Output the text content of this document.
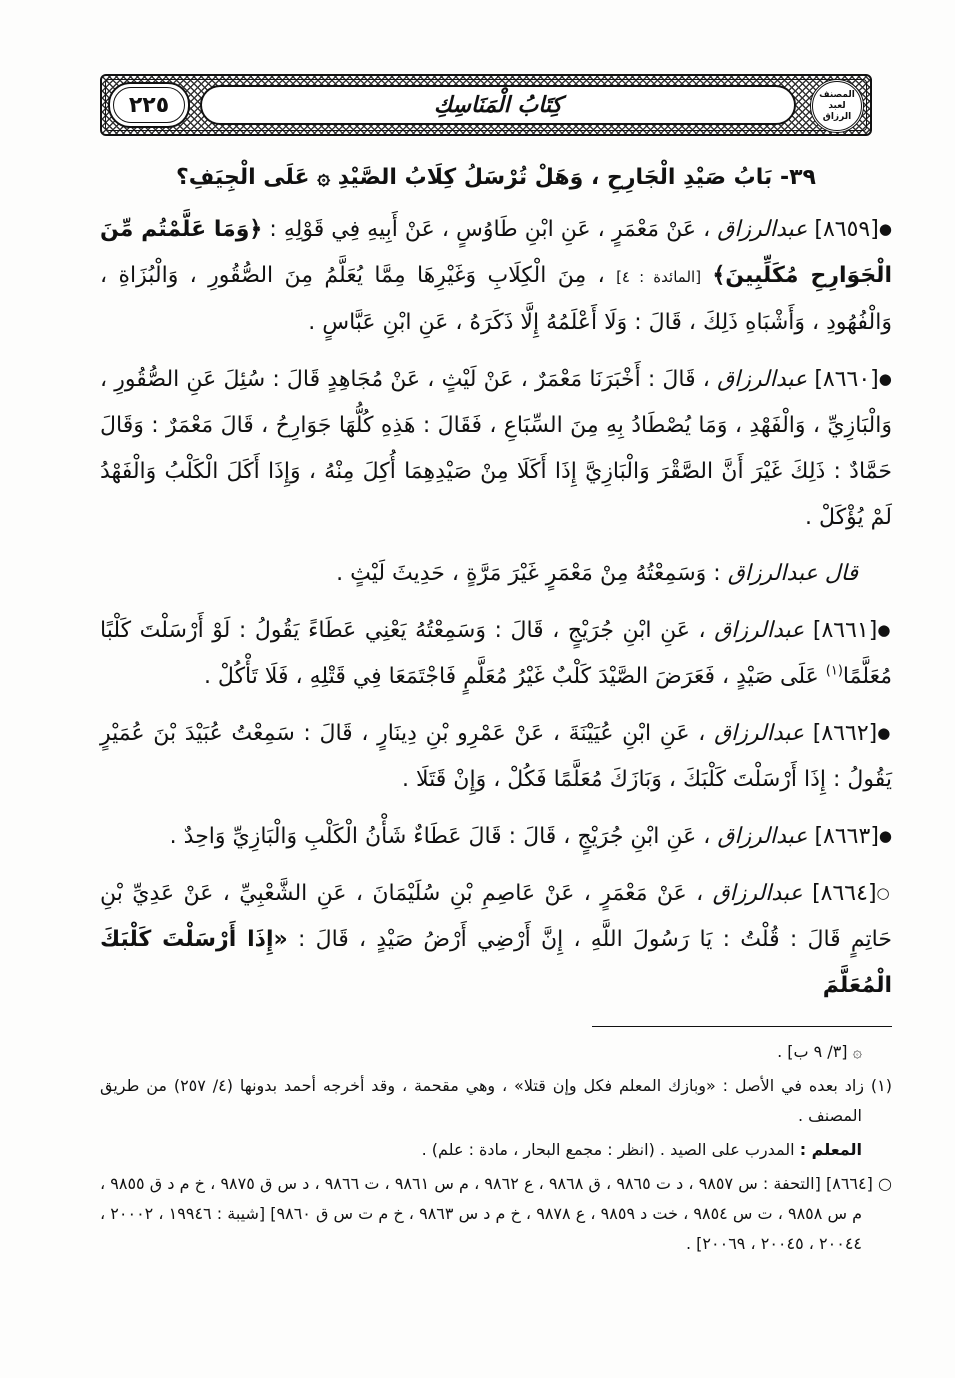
كِتَابُ الْمَنَاسِكِ
٢٢٥	المصنف لعبد الرزاق
٣٩- بَابُ صَيْدِ الْجَارِحِ ، وَهَلْ تُرْسَلُ كِلَابُ الصَّيْدِ ۞ عَلَى الْجِيَفِ؟

●[٨٦٥٩] عبدالرزاق ، عَنْ مَعْمَرٍ ، عَنِ ابْنِ طَاوُسٍ ، عَنْ أَبِيهِ فِي قَوْلِهِ : ﴿وَمَا عَلَّمْتُم مِّنَ الْجَوَارِحِ مُكَلِّبِينَ﴾ [المائدة : ٤] ، مِنَ الْكِلَابِ وَغَيْرِهَا مِمَّا يُعَلَّمُ مِنَ الصُّقُورِ ، وَالْبُزَاةِ ، وَالْفُهُودِ ، وَأَشْبَاهِ ذَلِكَ ، قَالَ : وَلَا أَعْلَمُهُ إِلَّا ذَكَرَهُ ، عَنِ ابْنِ عَبَّاسٍ .

●[٨٦٦٠] عبدالرزاق ، قَالَ : أَخْبَرَنَا مَعْمَرٌ ، عَنْ لَيْثٍ ، عَنْ مُجَاهِدٍ قَالَ : سُئِلَ عَنِ الصُّقُورِ ، وَالْبَازِيِّ ، وَالْفَهْدِ ، وَمَا يُصْطَادُ بِهِ مِنَ السِّبَاعِ ، فَقَالَ : هَذِهِ كُلُّهَا جَوَارِحُ ، قَالَ مَعْمَرٌ : وَقَالَ حَمَّادٌ : ذَلِكَ غَيْرَ أَنَّ الصَّقْرَ وَالْبَازِيَّ إِذَا أَكَلَا مِنْ صَيْدِهِمَا أُكِلَ مِنْهُ ، وَإِذَا أَكَلَ الْكَلْبُ وَالْفَهْدُ لَمْ يُؤْكَلْ .

قال عبدالرزاق : وَسَمِعْتُهُ مِنْ مَعْمَرٍ غَيْرَ مَرَّةٍ ، حَدِيثَ لَيْثٍ .

●[٨٦٦١] عبدالرزاق ، عَنِ ابْنِ جُرَيْجٍ ، قَالَ : وَسَمِعْتُهُ يَعْنِي عَطَاءً يَقُولُ : لَوْ أَرْسَلْتَ كَلْبًا مُعَلَّمًا$^{(١)}$ عَلَى صَيْدٍ ، فَعَرَضَ الصَّيْدَ كَلْبٌ غَيْرُ مُعَلَّمٍ فَاجْتَمَعَا فِي قَتْلِهِ ، فَلَا تَأْكُلْ .

●[٨٦٦٢] عبدالرزاق ، عَنِ ابْنِ عُيَيْنَةَ ، عَنْ عَمْرِو بْنِ دِينَارٍ ، قَالَ : سَمِعْتُ عُبَيْدَ بْنَ عُمَيْرٍ يَقُولُ : إِذَا أَرْسَلْتَ كَلْبَكَ ، وَبَازَكَ مُعَلَّمًا فَكُلْ ، وَإِنْ قَتَلَا .

●[٨٦٦٣] عبدالرزاق ، عَنِ ابْنِ جُرَيْجٍ ، قَالَ : قَالَ عَطَاءٌ شَأْنُ الْكَلْبِ وَالْبَازِيِّ وَاحِدٌ .

○[٨٦٦٤] عبدالرزاق ، عَنْ مَعْمَرٍ ، عَنْ عَاصِمِ بْنِ سُلَيْمَانَ ، عَنِ الشَّعْبِيِّ ، عَنْ عَدِيِّ بْنِ حَاتِمٍ قَالَ : قُلْتُ : يَا رَسُولَ اللَّهِ ، إِنَّ أَرْضِي أَرْضُ صَيْدٍ ، قَالَ : «إِذَا أَرْسَلْتَ كَلْبَكَ الْمُعَلَّمَ

۞ [٣/ ٩ ب] .

(١) زاد بعده في الأصل : «وبازك المعلم فكل وإن قتلا» ، وهي مقحمة ، وقد أخرجه أحمد بدونها (٤/ ٢٥٧) من طريق المصنف .

المعلم : المدرب على الصيد . (انظر : مجمع البحار ، مادة : علم) .

○ [٨٦٦٤] [التحفة : س ٩٨٥٧ ، د ت ٩٨٦٥ ، ق ٩٨٦٨ ، ع ٩٨٦٢ ، م س ٩٨٦١ ، ت ٩٨٦٦ ، د س ق ٩٨٧٥ ، خ م د ق ٩٨٥٥ ، م س ٩٨٥٨ ، ت س ٩٨٥٤ ، خت د ٩٨٥٩ ، ع ٩٨٧٨ ، خ م د س ٩٨٦٣ ، خ م ت س ق ٩٨٦٠] [شيبة : ١٩٩٤٦ ، ٢٠٠٠٢ ، ٢٠٠٤٤ ، ٢٠٠٤٥ ، ٢٠٠٦٩] .
